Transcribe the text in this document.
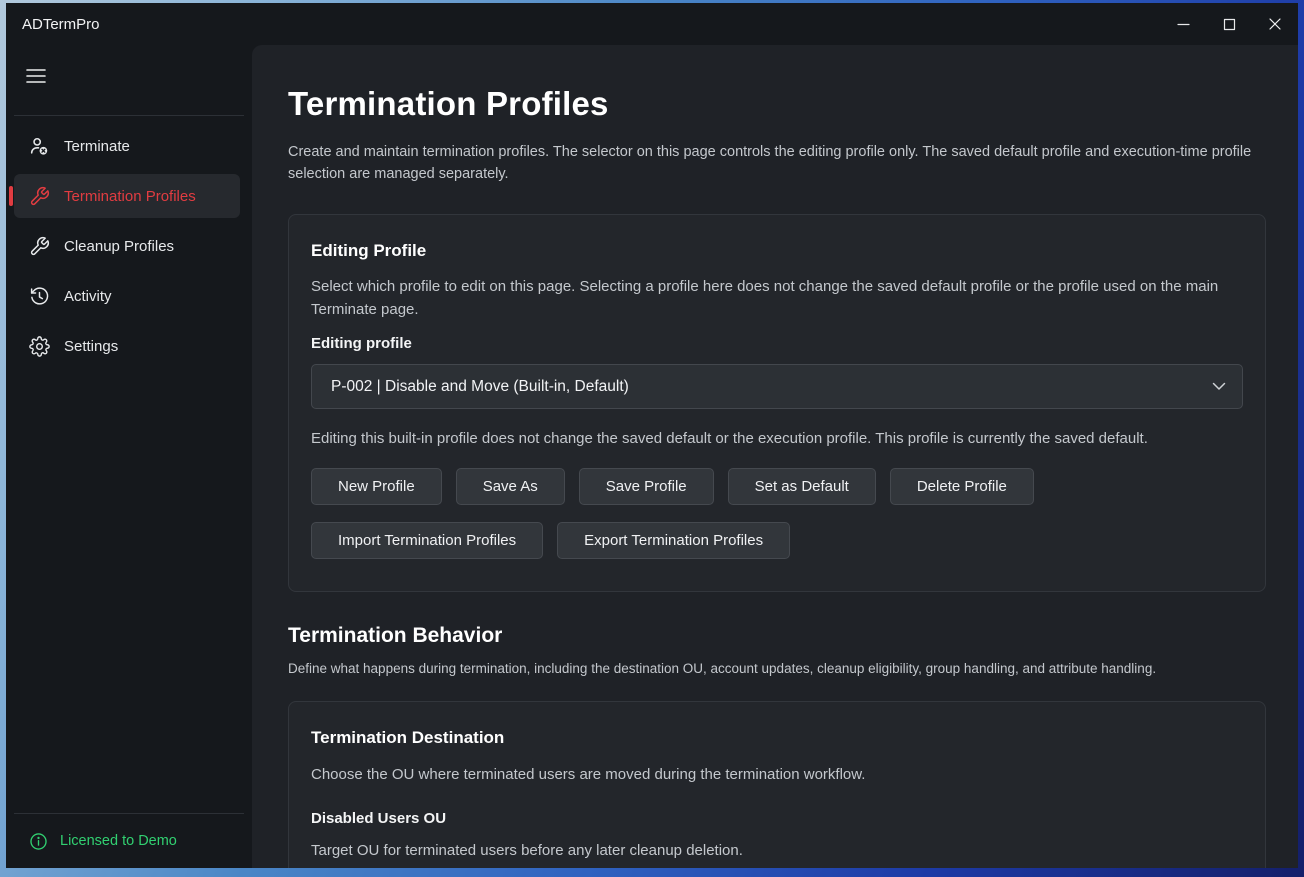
ADTermPro
Terminate
Termination Profiles
Cleanup Profiles
Activity
Settings
Licensed to Demo
Termination Profiles

Create and maintain termination profiles. The selector on this page controls the editing profile only. The saved default profile and execution-time profile selection are managed separately.

Editing Profile

Select which profile to edit on this page. Selecting a profile here does not change the saved default profile or the profile used on the main Terminate page.

Editing profile
P-002 | Disable and Move (Built-in, Default)

Editing this built-in profile does not change the saved default or the execution profile. This profile is currently the saved default.

New Profile	Save As	Save Profile	Set as Default	Delete Profile
Import Termination Profiles	Export Termination Profiles
Termination Behavior

Define what happens during termination, including the destination OU, account updates, cleanup eligibility, group handling, and attribute handling.

Termination Destination

Choose the OU where terminated users are moved during the termination workflow.

Disabled Users OU

Target OU for terminated users before any later cleanup deletion.
